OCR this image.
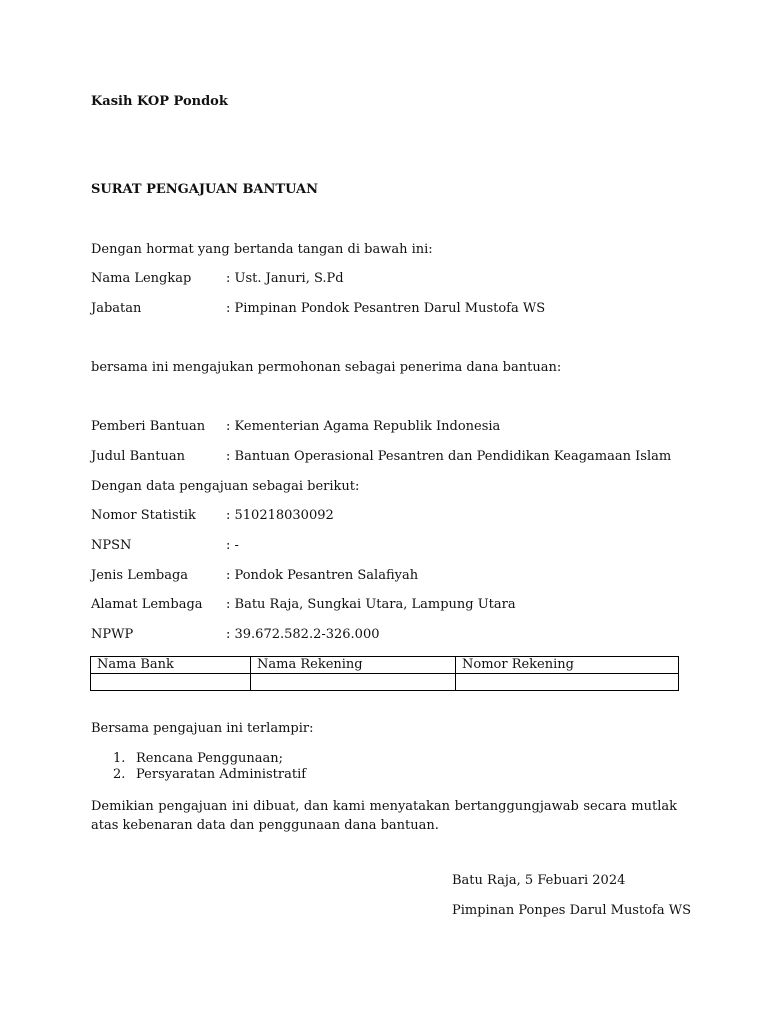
Kasih KOP Pondok
SURAT PENGAJUAN BANTUAN
Dengan hormat yang bertanda tangan di bawah ini:
Nama Lengkap	: Ust. Januri, S.Pd
Jabatan	: Pimpinan Pondok Pesantren Darul Mustofa WS
bersama ini mengajukan permohonan sebagai penerima dana bantuan:
Pemberi Bantuan : Kementerian Agama Republik Indonesia
Judul Bantuan	: Bantuan Operasional Pesantren dan Pendidikan Keagamaan Islam
Dengan data pengajuan sebagai berikut:
Nomor Statistik : 510218030092
NPSN	: -
Jenis Lembaga	: Pondok Pesantren Salafiyah
Alamat Lembaga : Batu Raja, Sungkai Utara, Lampung Utara
NPWP	: 39.672.582.2-326.000
Nama Bank	Nama Rekening	Nomor Rekening

Bersama pengajuan ini terlampir:
1. Rencana Penggunaan;
2. Persyaratan Administratif
Demikian pengajuan ini dibuat, dan kami menyatakan bertanggungjawab secara mutlak atas kebenaran data dan penggunaan dana bantuan.
Batu Raja, 5 Febuari 2024
Pimpinan Ponpes Darul Mustofa WS
